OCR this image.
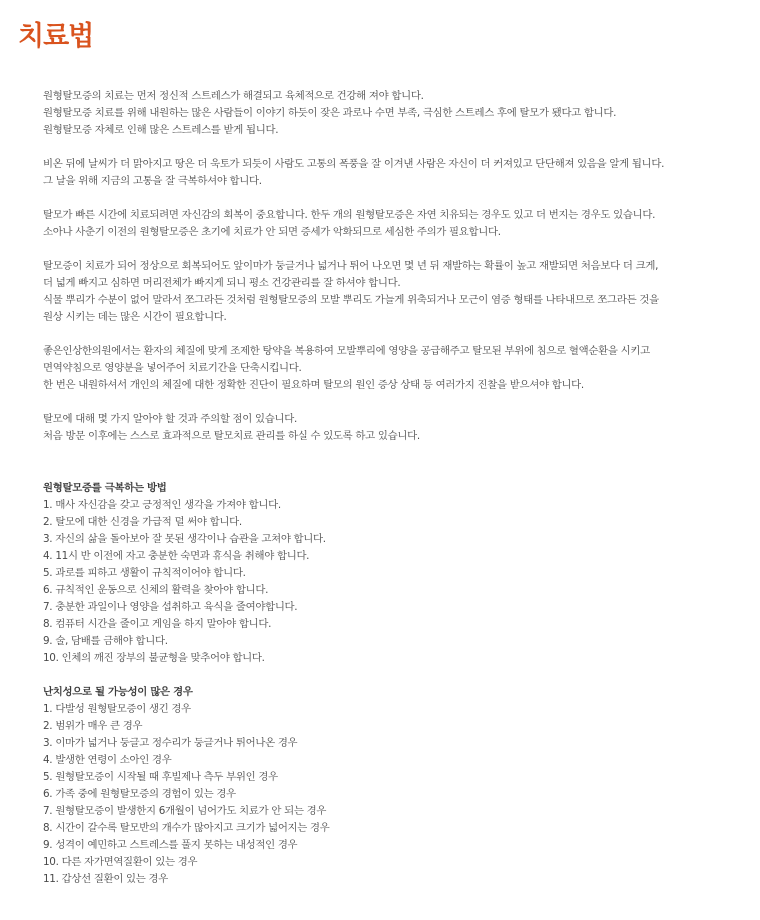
치료법
원형탈모증의 치료는 먼저 정신적 스트레스가 해결되고 육체적으로 건강해 져야 합니다.
원형탈모증 치료를 위해 내원하는 많은 사람들이 이야기 하듯이 잦은 과로나 수면 부족, 극심한 스트레스 후에 탈모가 됐다고 합니다.
원형탈모증 자체로 인해 많은 스트레스를 받게 됩니다.
비온 뒤에 날씨가 더 맑아지고 땅은 더 욱토가 되듯이 사람도 고통의 폭풍을 잘 이겨낸 사람은 자신이 더 커져있고 단단해져 있음을 알게 됩니다.
그 날을 위해 지금의 고통을 잘 극복하셔야 합니다.
탈모가 빠른 시간에 치료되려면 자신감의 회복이 중요합니다. 한두 개의 원형탈모증은 자연 치유되는 경우도 있고 더 번지는 경우도 있습니다.
소아나 사춘기 이전의 원형탈모증은 초기에 치료가 안 되면 증세가 악화되므로 세심한 주의가 필요합니다.
탈모증이 치료가 되어 정상으로 회복되어도 앞이마가 둥글거나 넓거나 튀어 나오면 몇 년 뒤 재발하는 확률이 높고 재발되면 처음보다 더 크게,
더 넓게 빠지고 심하면 머리전체가 빠지게 되니 평소 건강관리를 잘 하셔야 합니다.
식물 뿌리가 수분이 없어 말라서 쪼그라든 것처럼 원형탈모증의 모발 뿌리도 가늘게 위축되거나 모근이 염증 형태를 나타내므로 쪼그라든 것을
원상 시키는 데는 많은 시간이 필요합니다.
좋은인상한의원에서는 환자의 체질에 맞게 조제한 탕약을 복용하여 모발뿌리에 영양을 공급해주고 탈모된 부위에 침으로 혈액순환을 시키고
면역약침으로 영양분을 넣어주어 치료기간을 단축시킵니다.
한 번은 내원하셔서 개인의 체질에 대한 정확한 진단이 필요하며 탈모의 원인 증상 상태 등 여러가지 진찰을 받으셔야 합니다.
탈모에 대해 몇 가지 알아야 할 것과 주의할 점이 있습니다.
처음 방문 이후에는 스스로 효과적으로 탈모치료 관리를 하실 수 있도록 하고 있습니다.
원형탈모증를 극복하는 방법
1. 매사 자신감을 갖고 긍정적인 생각을 가져야 합니다.
2. 탈모에 대한 신경을 가급적 덜 써야 합니다.
3. 자신의 삶을 돌아보아 잘 못된 생각이나 습관을 고쳐야 합니다.
4. 11시 반 이전에 자고 충분한 숙면과 휴식을 취해야 합니다.
5. 과로를 피하고 생활이 규칙적이어야 합니다.
6. 규칙적인 운동으로 신체의 활력을 찾아야 합니다.
7. 충분한 과일이나 영양을 섭취하고 육식을 줄여야합니다.
8. 컴퓨터 시간을 줄이고 게임을 하지 말아야 합니다.
9. 술, 담배를 금해야 합니다.
10. 인체의 깨진 장부의 불균형을 맞추어야 합니다.
난치성으로 될 가능성이 많은 경우
1. 다발성 원형탈모증이 생긴 경우
2. 범위가 매우 큰 경우
3. 이마가 넓거나 둥글고 정수리가 둥글거나 튀어나온 경우
4. 발생한 연령이 소아인 경우
5. 원형탈모증이 시작될 때 후빌제나 측두 부위인 경우
6. 가족 중에 원형탈모증의 경험이 있는 경우
7. 원형탈모증이 발생한지 6개월이 넘어가도 치료가 안 되는 경우
8. 시간이 갈수록 탈모반의 개수가 많아지고 크기가 넓어지는 경우
9. 성격이 예민하고 스트레스를 풀지 못하는 내성적인 경우
10. 다른 자가면역질환이 있는 경우
11. 갑상선 질환이 있는 경우
